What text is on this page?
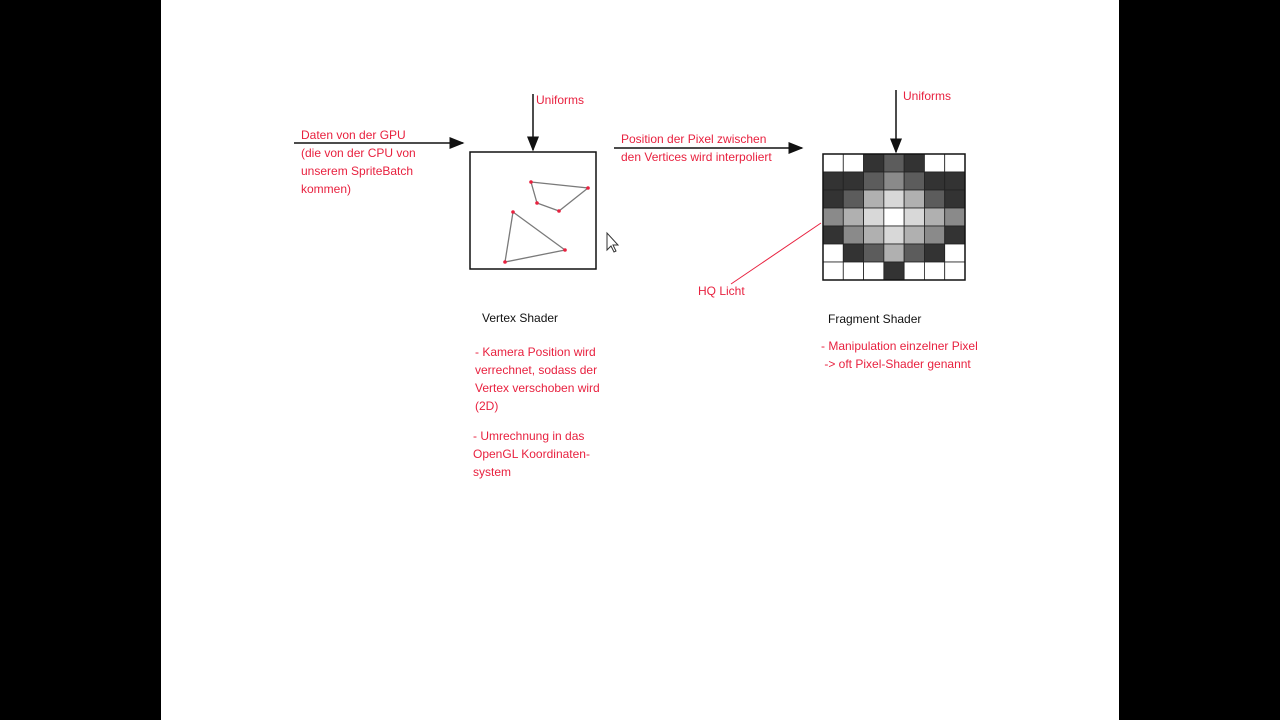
Daten von der GPU
(die von der CPU von
unserem SpriteBatch
kommen)
Uniforms
Vertex Shader
- Kamera Position wird
verrechnet, sodass der
Vertex verschoben wird
(2D)
- Umrechnung in das
OpenGL Koordinaten-
system
Position der Pixel zwischen
den Vertices wird interpoliert
Uniforms
HQ Licht
Fragment Shader
- Manipulation einzelner Pixel
-> oft Pixel-Shader genannt
